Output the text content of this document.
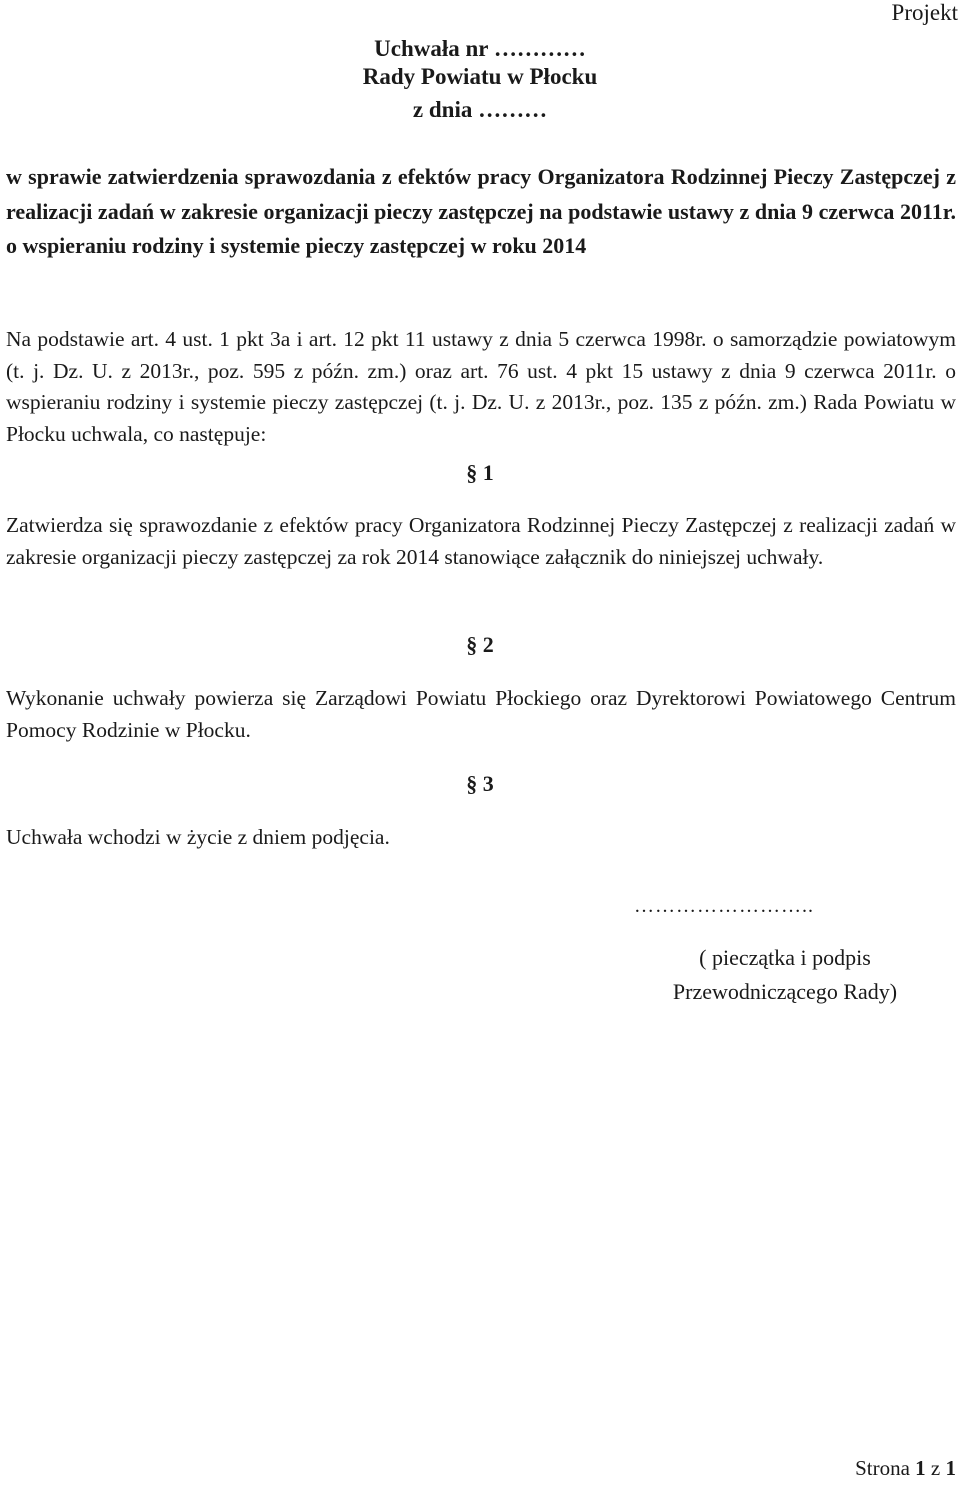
Projekt
Uchwała nr …………
Rady Powiatu w Płocku
z dnia ………
w sprawie zatwierdzenia sprawozdania z efektów pracy Organizatora Rodzinnej Pieczy Zastępczej z realizacji zadań w zakresie organizacji pieczy zastępczej na podstawie ustawy z dnia 9 czerwca 2011r. o wspieraniu rodziny i systemie pieczy zastępczej w roku 2014
Na podstawie art. 4 ust. 1 pkt 3a i art. 12 pkt 11 ustawy z dnia 5 czerwca 1998r. o samorządzie powiatowym (t. j. Dz. U. z 2013r., poz. 595 z późn. zm.) oraz art. 76 ust. 4 pkt 15 ustawy z dnia 9 czerwca 2011r. o wspieraniu rodziny i systemie pieczy zastępczej (t. j. Dz. U. z 2013r., poz. 135 z późn. zm.) Rada Powiatu w Płocku uchwala, co następuje:
§ 1
Zatwierdza się sprawozdanie z efektów pracy Organizatora Rodzinnej Pieczy Zastępczej z realizacji zadań w zakresie organizacji pieczy zastępczej za rok 2014 stanowiące załącznik do niniejszej uchwały.
§ 2
Wykonanie uchwały powierza się Zarządowi Powiatu Płockiego oraz Dyrektorowi Powiatowego Centrum Pomocy Rodzinie w Płocku.
§ 3
Uchwała wchodzi w życie z dniem podjęcia.
……………………..
( pieczątka i podpis
Przewodniczącego Rady)
Strona 1 z 1
